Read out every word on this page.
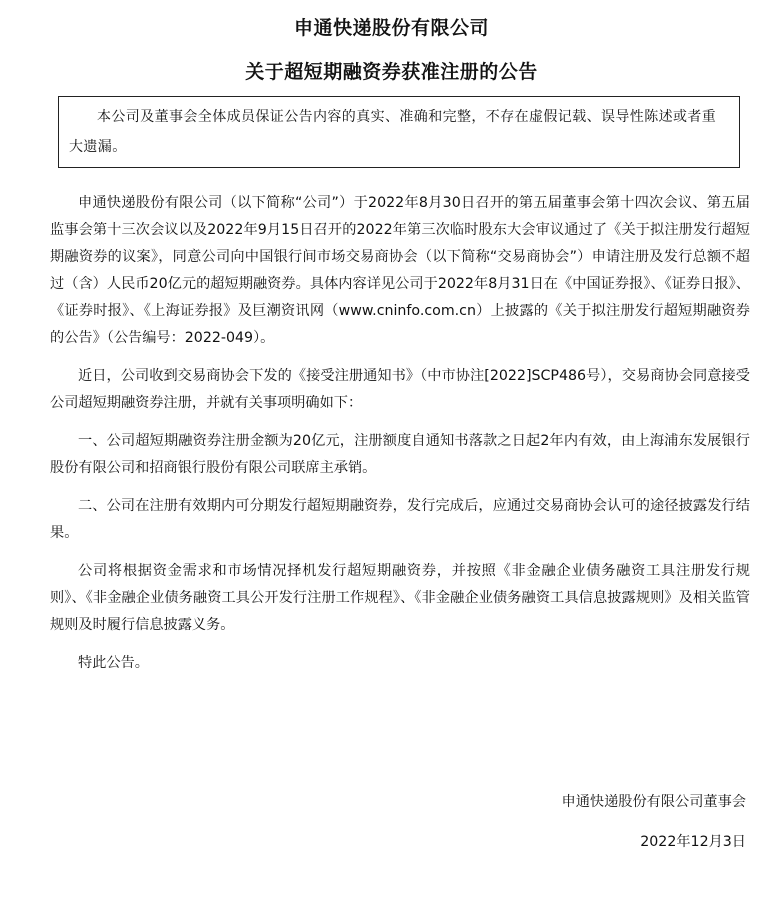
申通快递股份有限公司
关于超短期融资券获准注册的公告
本公司及董事会全体成员保证公告内容的真实、准确和完整，不存在虚假记载、误导性陈述或者重大遗漏。

申通快递股份有限公司（以下简称“公司”）于2022年8月30日召开的第五届董事会第十四次会议、第五届监事会第十三次会议以及2022年9月15日召开的2022年第三次临时股东大会审议通过了《关于拟注册发行超短期融资券的议案》，同意公司向中国银行间市场交易商协会（以下简称“交易商协会”）申请注册及发行总额不超过（含）人民币20亿元的超短期融资券。具体内容详见公司于2022年8月31日在《中国证券报》、《证券日报》、《证券时报》、《上海证券报》及巨潮资讯网（www.cninfo.com.cn）上披露的《关于拟注册发行超短期融资券的公告》（公告编号：2022-049）。

近日，公司收到交易商协会下发的《接受注册通知书》（中市协注[2022]SCP486号），交易商协会同意接受公司超短期融资券注册，并就有关事项明确如下：

一、公司超短期融资券注册金额为20亿元，注册额度自通知书落款之日起2年内有效，由上海浦东发展银行股份有限公司和招商银行股份有限公司联席主承销。

二、公司在注册有效期内可分期发行超短期融资券，发行完成后，应通过交易商协会认可的途径披露发行结果。

公司将根据资金需求和市场情况择机发行超短期融资券，并按照《非金融企业债务融资工具注册发行规则》、《非金融企业债务融资工具公开发行注册工作规程》、《非金融企业债务融资工具信息披露规则》及相关监管规则及时履行信息披露义务。

特此公告。

申通快递股份有限公司董事会
2022年12月3日
